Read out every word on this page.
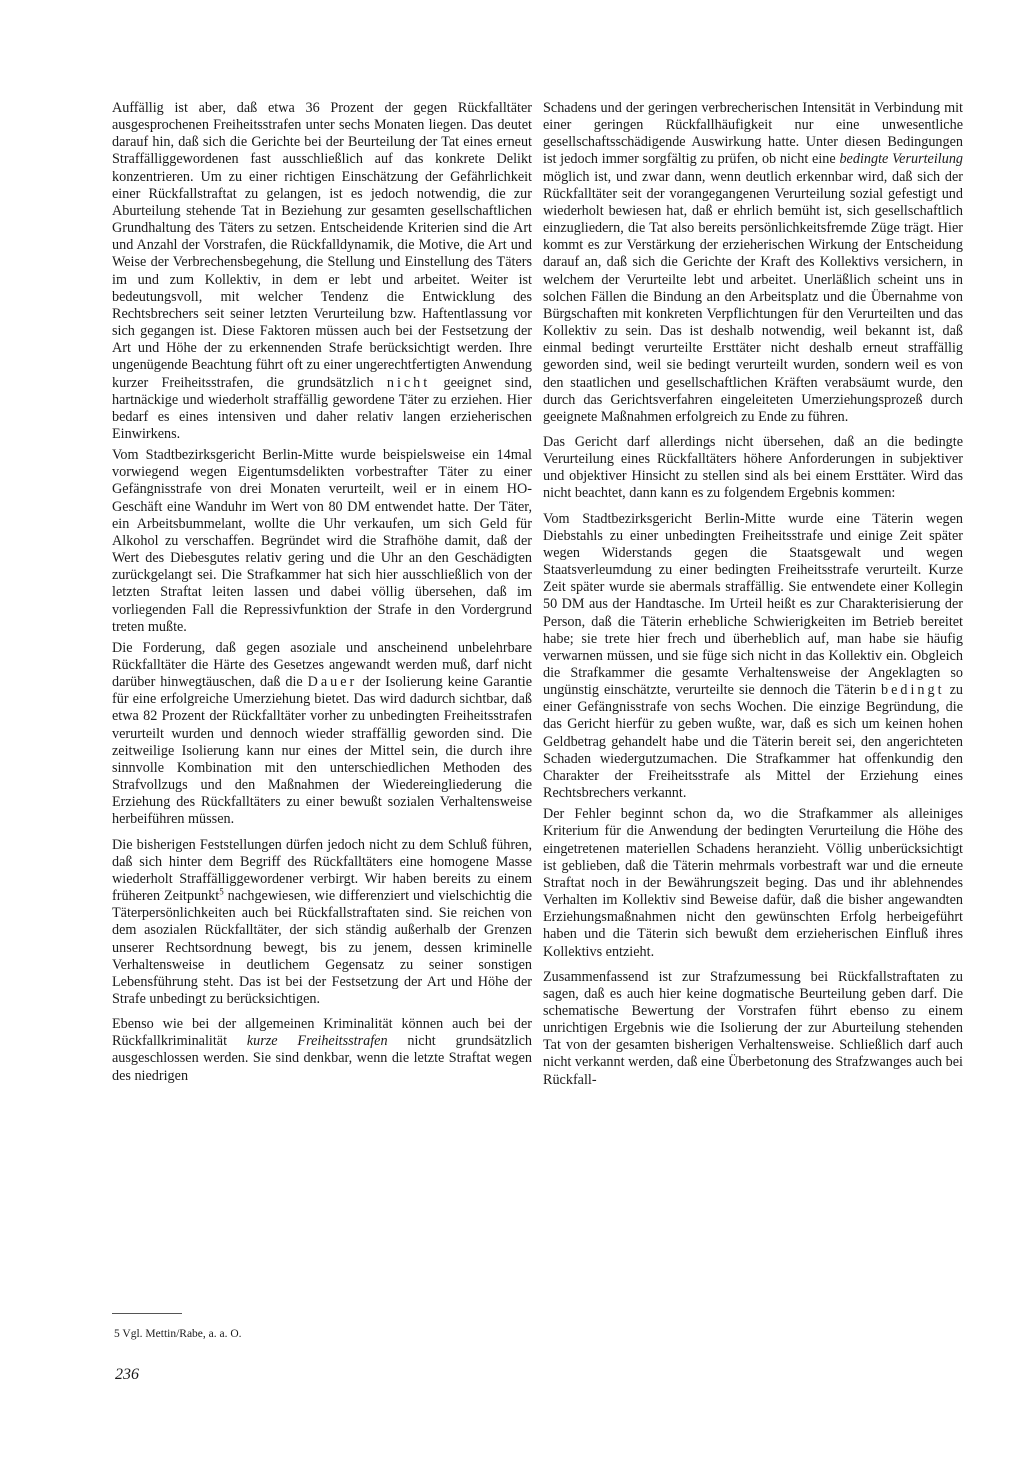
Auffällig ist aber, daß etwa 36 Prozent der gegen Rückfalltäter ausgesprochenen Freiheitsstrafen unter sechs Monaten liegen. Das deutet darauf hin, daß sich die Gerichte bei der Beurteilung der Tat eines erneut Straffälliggewordenen fast ausschließlich auf das konkrete Delikt konzentrieren. Um zu einer richtigen Einschätzung der Gefährlichkeit einer Rückfallstraftat zu gelangen, ist es jedoch notwendig, die zur Aburteilung stehende Tat in Beziehung zur gesamten gesellschaftlichen Grundhaltung des Täters zu setzen. Entscheidende Kriterien sind die Art und Anzahl der Vorstrafen, die Rückfalldynamik, die Motive, die Art und Weise der Verbrechensbegehung, die Stellung und Einstellung des Täters im und zum Kollektiv, in dem er lebt und arbeitet. Weiter ist bedeutungsvoll, mit welcher Tendenz die Entwicklung des Rechtsbrechers seit seiner letzten Verurteilung bzw. Haftentlassung vor sich gegangen ist. Diese Faktoren müssen auch bei der Festsetzung der Art und Höhe der zu erkennenden Strafe berücksichtigt werden. Ihre ungenügende Beachtung führt oft zu einer ungerechtfertigten Anwendung kurzer Freiheitsstrafen, die grundsätzlich nicht geeignet sind, hartnäckige und wiederholt straffällig gewordene Täter zu erziehen. Hier bedarf es eines intensiven und daher relativ langen erzieherischen Einwirkens.

Vom Stadtbezirksgericht Berlin-Mitte wurde beispielsweise ein 14mal vorwiegend wegen Eigentumsdelikten vorbestrafter Täter zu einer Gefängnisstrafe von drei Monaten verurteilt, weil er in einem HO-Geschäft eine Wanduhr im Wert von 80 DM entwendet hatte. Der Täter, ein Arbeitsbummelant, wollte die Uhr verkaufen, um sich Geld für Alkohol zu verschaffen. Begründet wird die Strafhöhe damit, daß der Wert des Diebesgutes relativ gering und die Uhr an den Geschädigten zurückgelangt sei. Die Strafkammer hat sich hier ausschließlich von der letzten Straftat leiten lassen und dabei völlig übersehen, daß im vorliegenden Fall die Repressivfunktion der Strafe in den Vordergrund treten mußte.

Die Forderung, daß gegen asoziale und anscheinend unbelehrbare Rückfalltäter die Härte des Gesetzes angewandt werden muß, darf nicht darüber hinwegtäuschen, daß die Dauer der Isolierung keine Garantie für eine erfolgreiche Umerziehung bietet. Das wird dadurch sichtbar, daß etwa 82 Prozent der Rückfalltäter vorher zu unbedingten Freiheitsstrafen verurteilt wurden und dennoch wieder straffällig geworden sind. Die zeitweilige Isolierung kann nur eines der Mittel sein, die durch ihre sinnvolle Kombination mit den unterschiedlichen Methoden des Strafvollzugs und den Maßnahmen der Wiedereingliederung die Erziehung des Rückfalltäters zu einer bewußt sozialen Verhaltensweise herbeiführen müssen.

Die bisherigen Feststellungen dürfen jedoch nicht zu dem Schluß führen, daß sich hinter dem Begriff des Rückfalltäters eine homogene Masse wiederholt Straffälliggewordener verbirgt. Wir haben bereits zu einem früheren Zeitpunkt$^5$ nachgewiesen, wie differenziert und vielschichtig die Täterpersönlichkeiten auch bei Rückfallstraftaten sind. Sie reichen von dem asozialen Rückfalltäter, der sich ständig außerhalb der Grenzen unserer Rechtsordnung bewegt, bis zu jenem, dessen kriminelle Verhaltensweise in deutlichem Gegensatz zu seiner sonstigen Lebensführung steht. Das ist bei der Festsetzung der Art und Höhe der Strafe unbedingt zu berücksichtigen.

Ebenso wie bei der allgemeinen Kriminalität können auch bei der Rückfallkriminalität kurze Freiheitsstrafen nicht grundsätzlich ausgeschlossen werden. Sie sind denkbar, wenn die letzte Straftat wegen des niedrigen

Schadens und der geringen verbrecherischen Intensität in Verbindung mit einer geringen Rückfallhäufigkeit nur eine unwesentliche gesellschaftsschädigende Auswirkung hatte. Unter diesen Bedingungen ist jedoch immer sorgfältig zu prüfen, ob nicht eine bedingte Verurteilung möglich ist, und zwar dann, wenn deutlich erkennbar wird, daß sich der Rückfalltäter seit der vorangegangenen Verurteilung sozial gefestigt und wiederholt bewiesen hat, daß er ehrlich bemüht ist, sich gesellschaftlich einzugliedern, die Tat also bereits persönlichkeitsfremde Züge trägt. Hier kommt es zur Verstärkung der erzieherischen Wirkung der Entscheidung darauf an, daß sich die Gerichte der Kraft des Kollektivs versichern, in welchem der Verurteilte lebt und arbeitet. Unerläßlich scheint uns in solchen Fällen die Bindung an den Arbeitsplatz und die Übernahme von Bürgschaften mit konkreten Verpflichtungen für den Verurteilten und das Kollektiv zu sein. Das ist deshalb notwendig, weil bekannt ist, daß einmal bedingt verurteilte Ersttäter nicht deshalb erneut straffällig geworden sind, weil sie bedingt verurteilt wurden, sondern weil es von den staatlichen und gesellschaftlichen Kräften verabsäumt wurde, den durch das Gerichtsverfahren eingeleiteten Umerziehungsprozeß durch geeignete Maßnahmen erfolgreich zu Ende zu führen.

Das Gericht darf allerdings nicht übersehen, daß an die bedingte Verurteilung eines Rückfalltäters höhere Anforderungen in subjektiver und objektiver Hinsicht zu stellen sind als bei einem Ersttäter. Wird das nicht beachtet, dann kann es zu folgendem Ergebnis kommen:

Vom Stadtbezirksgericht Berlin-Mitte wurde eine Täterin wegen Diebstahls zu einer unbedingten Freiheitsstrafe und einige Zeit später wegen Widerstands gegen die Staatsgewalt und wegen Staatsverleumdung zu einer bedingten Freiheitsstrafe verurteilt. Kurze Zeit später wurde sie abermals straffällig. Sie entwendete einer Kollegin 50 DM aus der Handtasche. Im Urteil heißt es zur Charakterisierung der Person, daß die Täterin erhebliche Schwierigkeiten im Betrieb bereitet habe; sie trete hier frech und überheblich auf, man habe sie häufig verwarnen müssen, und sie füge sich nicht in das Kollektiv ein. Obgleich die Strafkammer die gesamte Verhaltensweise der Angeklagten so ungünstig einschätzte, verurteilte sie dennoch die Täterin bedingt zu einer Gefängnisstrafe von sechs Wochen. Die einzige Begründung, die das Gericht hierfür zu geben wußte, war, daß es sich um keinen hohen Geldbetrag gehandelt habe und die Täterin bereit sei, den angerichteten Schaden wiedergutzumachen. Die Strafkammer hat offenkundig den Charakter der Freiheitsstrafe als Mittel der Erziehung eines Rechtsbrechers verkannt.

Der Fehler beginnt schon da, wo die Strafkammer als alleiniges Kriterium für die Anwendung der bedingten Verurteilung die Höhe des eingetretenen materiellen Schadens heranzieht. Völlig unberücksichtigt ist geblieben, daß die Täterin mehrmals vorbestraft war und die erneute Straftat noch in der Bewährungszeit beging. Das und ihr ablehnendes Verhalten im Kollektiv sind Beweise dafür, daß die bisher angewandten Erziehungsmaßnahmen nicht den gewünschten Erfolg herbeigeführt haben und die Täterin sich bewußt dem erzieherischen Einfluß ihres Kollektivs entzieht.

Zusammenfassend ist zur Strafzumessung bei Rückfallstraftaten zu sagen, daß es auch hier keine dogmatische Beurteilung geben darf. Die schematische Bewertung der Vorstrafen führt ebenso zu einem unrichtigen Ergebnis wie die Isolierung der zur Aburteilung stehenden Tat von der gesamten bisherigen Verhaltensweise. Schließlich darf auch nicht verkannt werden, daß eine Überbetonung des Strafzwanges auch bei Rückfall-

5 Vgl. Mettin/Rabe, a. a. O.
236
